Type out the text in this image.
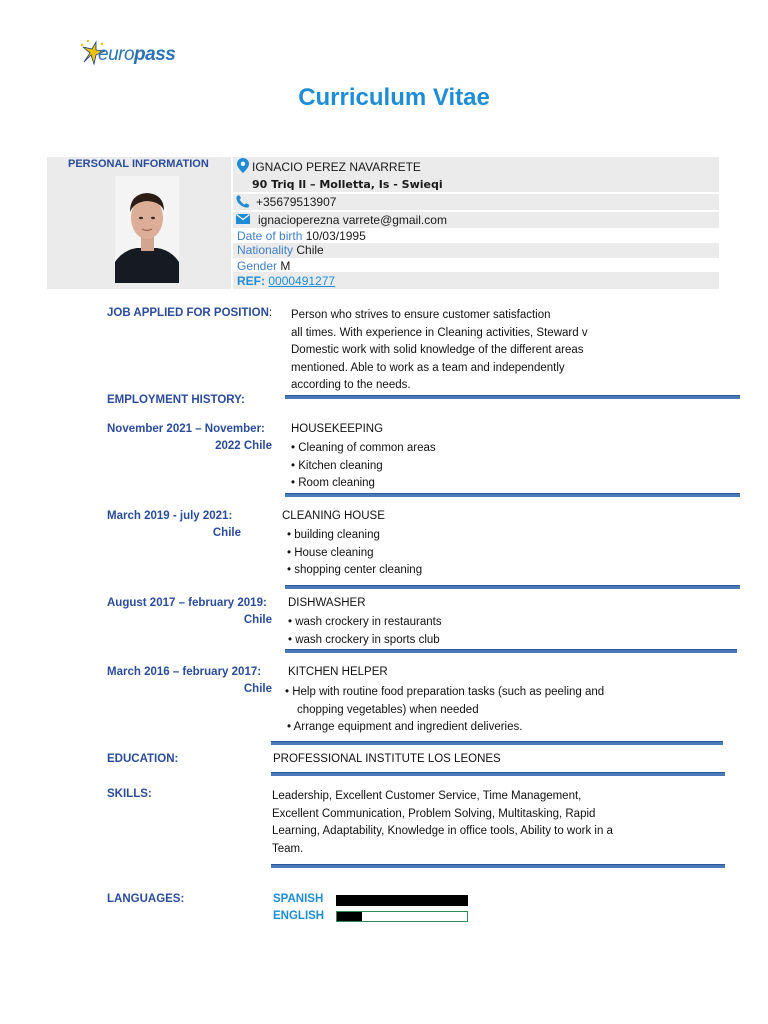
europass
Curriculum Vitae
PERSONAL INFORMATION	IGNACIO PEREZ NAVARRETE
90 Triq Il – Molletta, Is - Swieqi
+35679513907
ignacioperezna varrete@gmail.com
Date of birth 10/03/1995
Nationality Chile
Gender M
REF: 0000491277
JOB APPLIED FOR POSITION: Person who strives to ensure customer satisfaction
all times. With experience in Cleaning activities, Steward v
Domestic work with solid knowledge of the different areas
mentioned. Able to work as a team and independently
according to the needs.
EMPLOYMENT HISTORY:
November 2021 – November:
2022 Chile
HOUSEKEEPING
• Cleaning of common areas
• Kitchen cleaning
• Room cleaning
March 2019 - july 2021:
Chile
CLEANING HOUSE
• building cleaning
• House cleaning
• shopping center cleaning
August 2017 – february 2019:
Chile
DISHWASHER
• wash crockery in restaurants
• wash crockery in sports club
March 2016 – february 2017:
Chile
KITCHEN HELPER
• Help with routine food preparation tasks (such as peeling and
chopping vegetables) when needed
• Arrange equipment and ingredient deliveries.
EDUCATION:	PROFESSIONAL INSTITUTE LOS LEONES
SKILLS:	Leadership, Excellent Customer Service, Time Management,
Excellent Communication, Problem Solving, Multitasking, Rapid
Learning, Adaptability, Knowledge in office tools, Ability to work in a
Team.
LANGUAGES:	SPANISH
ENGLISH
